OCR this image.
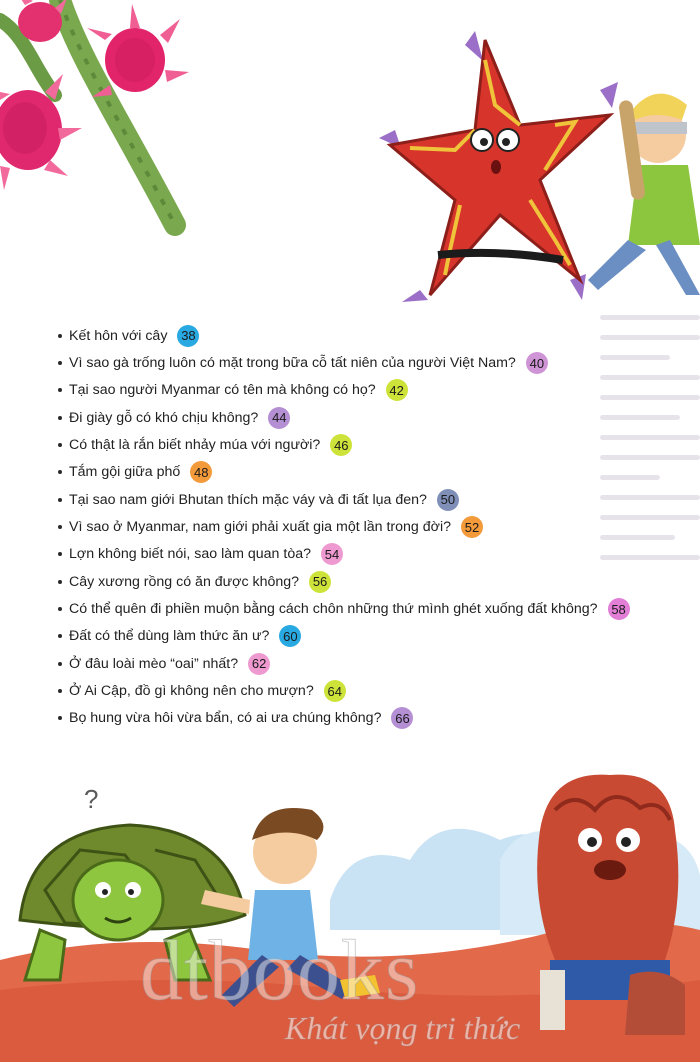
Kết hôn với cây 38
Vì sao gà trống luôn có mặt trong bữa cỗ tất niên của người Việt Nam? 40
Tại sao người Myanmar có tên mà không có họ? 42
Đi giày gỗ có khó chịu không? 44
Có thật là rắn biết nhảy múa với người? 46
Tắm gội giữa phố 48
Tại sao nam giới Bhutan thích mặc váy và đi tất lụa đen? 50
Vì sao ở Myanmar, nam giới phải xuất gia một lần trong đời? 52
Lợn không biết nói, sao làm quan tòa? 54
Cây xương rồng có ăn được không? 56
Có thể quên đi phiền muộn bằng cách chôn những thứ mình ghét xuống đất không? 58
Đất có thể dùng làm thức ăn ư? 60
Ở đâu loài mèo “oai” nhất? 62
Ở Ai Cập, đồ gì không nên cho mượn? 64
Bọ hung vừa hôi vừa bẩn, có ai ưa chúng không? 66
?
dtbooks
Khát vọng tri thức
